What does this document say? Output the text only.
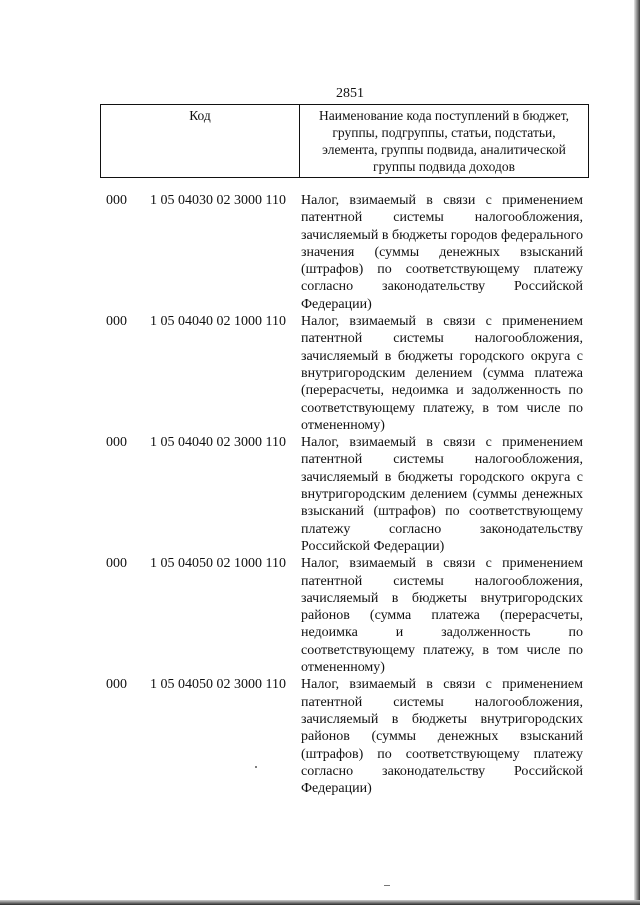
2851
Код	Наименование кода поступлений в бюджет, группы, подгруппы, статьи, подстатьи, элемента, группы подвида, аналитической группы подвида доходов
000	1 05 04030 02 3000 110	Налог, взимаемый в связи с применением патентной системы налогообложения, зачисляемый в бюджеты городов федерального значения (суммы денежных взысканий (штрафов) по соответствующему платежу согласно законодательству Российской Федерации)
000	1 05 04040 02 1000 110	Налог, взимаемый в связи с применением патентной системы налогообложения, зачисляемый в бюджеты городского округа с внутригородским делением (сумма платежа (перерасчеты, недоимка и задолженность по соответствующему платежу, в том числе по отмененному)
000	1 05 04040 02 3000 110	Налог, взимаемый в связи с применением патентной системы налогообложения, зачисляемый в бюджеты городского округа с внутригородским делением (суммы денежных взысканий (штрафов) по соответствующему платежу согласно законодательству Российской Федерации)
000	1 05 04050 02 1000 110	Налог, взимаемый в связи с применением патентной системы налогообложения, зачисляемый в бюджеты внутригородских районов (сумма платежа (перерасчеты, недоимка и задолженность по соответствующему платежу, в том числе по отмененному)
000	1 05 04050 02 3000 110	Налог, взимаемый в связи с применением патентной системы налогообложения, зачисляемый в бюджеты внутригородских районов (суммы денежных взысканий (штрафов) по соответствующему платежу согласно законодательству Российской Федерации)
